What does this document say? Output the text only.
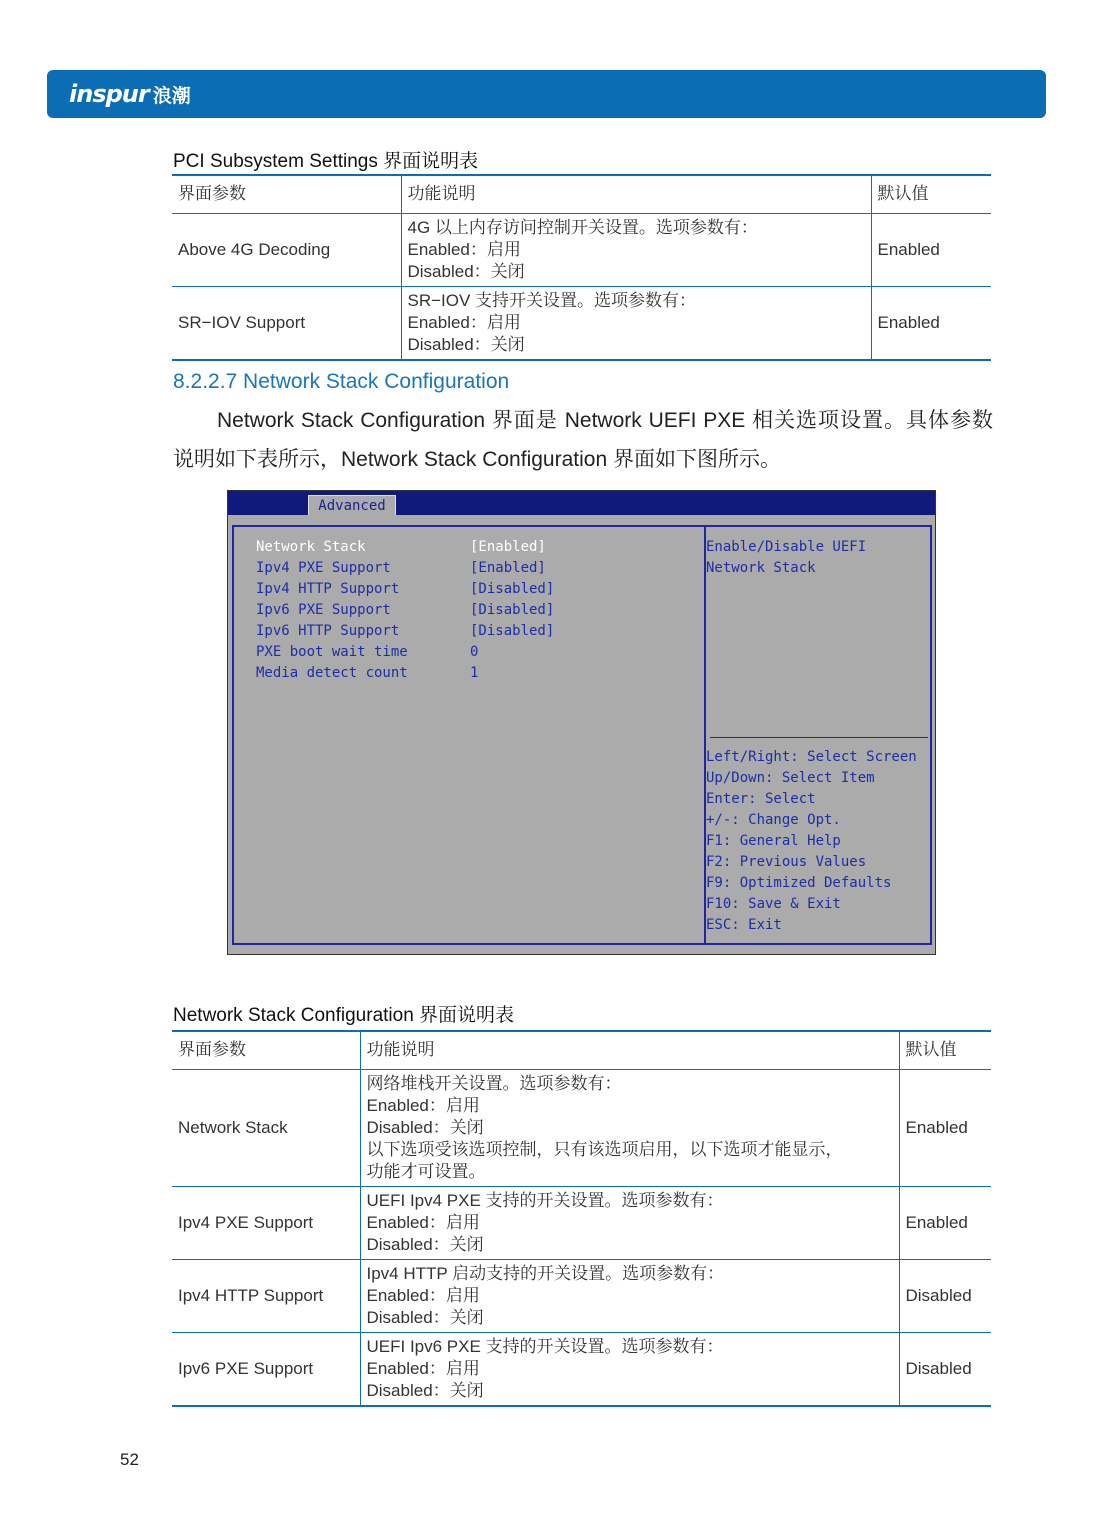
inspur 浪潮
PCI Subsystem Settings 界面说明表
界面参数	功能说明	默认值
Above 4G Decoding	4G 以上内存访问控制开关设置。选项参数有：
Enabled：启用
Disabled：关闭	Enabled
SR−IOV Support	SR−IOV 支持开关设置。选项参数有：
Enabled：启用
Disabled：关闭	Enabled
8.2.2.7 Network Stack Configuration
Network Stack Configuration 界面是 Network UEFI PXE 相关选项设置。具体参数说明如下表所示，Network Stack Configuration 界面如下图所示。
Advanced
Network Stack
Ipv4 PXE Support
Ipv4 HTTP Support
Ipv6 PXE Support
Ipv6 HTTP Support
PXE boot wait time
Media detect count
[Enabled]
[Enabled]
[Disabled]
[Disabled]
[Disabled]
0
1
Enable/Disable UEFI
Network Stack
Left/Right: Select Screen
Up/Down: Select Item
Enter: Select
+/-: Change Opt.
F1: General Help
F2: Previous Values
F9: Optimized Defaults
F10: Save & Exit
ESC: Exit
Network Stack Configuration 界面说明表
界面参数	功能说明	默认值
Network Stack	网络堆栈开关设置。选项参数有：
Enabled：启用
Disabled：关闭
以下选项受该选项控制，只有该选项启用，以下选项才能显示，
功能才可设置。	Enabled
Ipv4 PXE Support	UEFI Ipv4 PXE 支持的开关设置。选项参数有：
Enabled：启用
Disabled：关闭	Enabled
Ipv4 HTTP Support	Ipv4 HTTP 启动支持的开关设置。选项参数有：
Enabled：启用
Disabled：关闭	Disabled
Ipv6 PXE Support	UEFI Ipv6 PXE 支持的开关设置。选项参数有：
Enabled：启用
Disabled：关闭	Disabled
52
